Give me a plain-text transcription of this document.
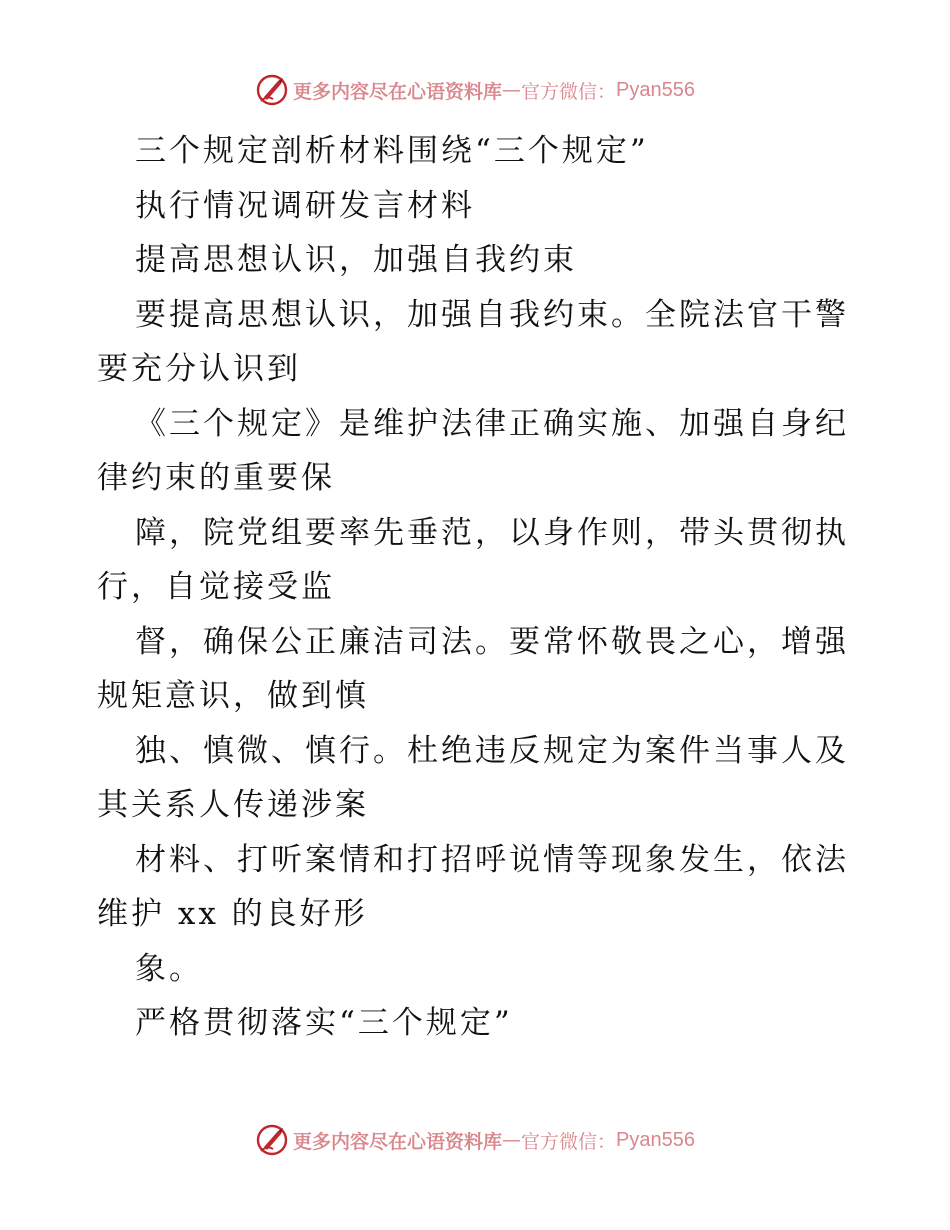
更多内容尽在心语资料库 — 官方微信： Pyan556
三个规定剖析材料围绕“三个规定”
执行情况调研发言材料
提高思想认识，加强自我约束
要提高思想认识，加强自我约束。全院法官干警
要充分认识到
《三个规定》是维护法律正确实施、加强自身纪
律约束的重要保
障，院党组要率先垂范，以身作则，带头贯彻执
行，自觉接受监
督，确保公正廉洁司法。要常怀敬畏之心，增强
规矩意识，做到慎
独、慎微、慎行。杜绝违反规定为案件当事人及
其关系人传递涉案
材料、打听案情和打招呼说情等现象发生，依法
维护 xx 的良好形
象。
严格贯彻落实“三个规定”
更多内容尽在心语资料库 — 官方微信： Pyan556
